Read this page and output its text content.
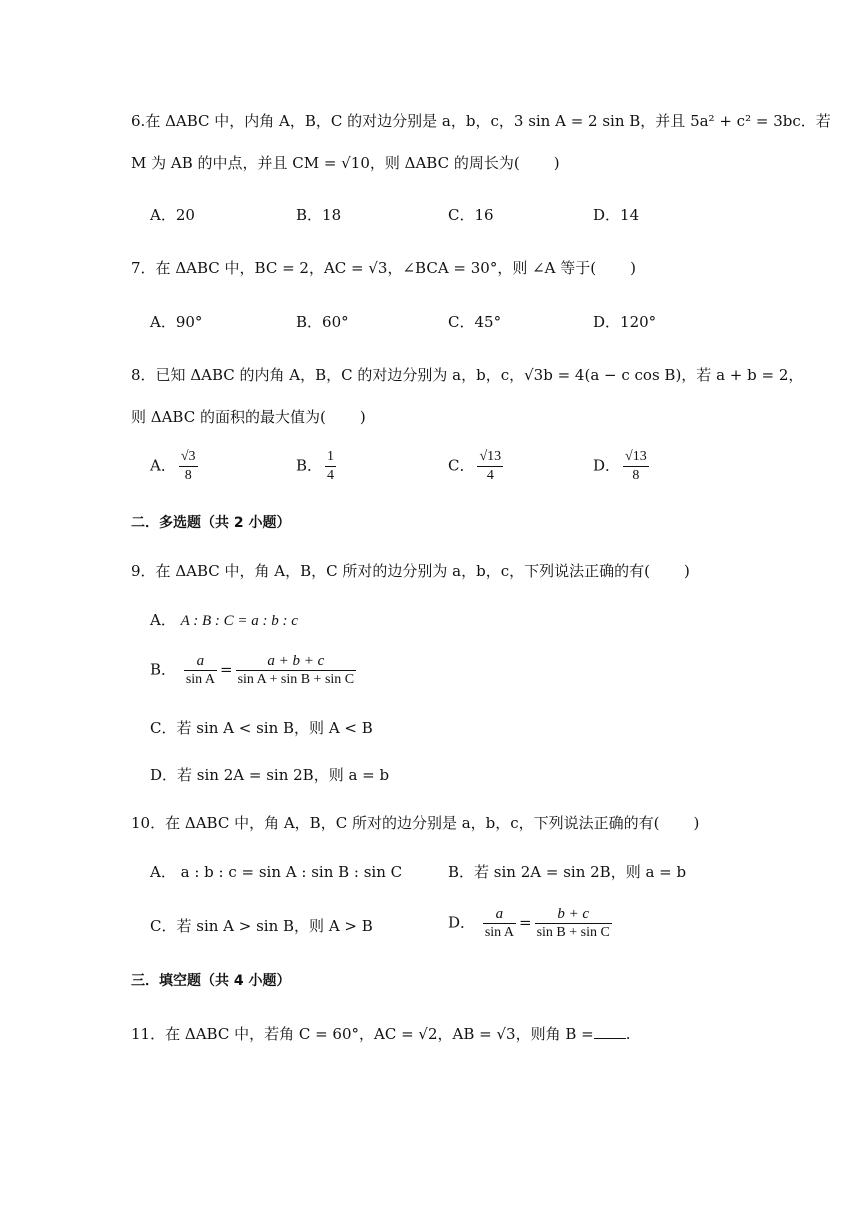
6.在 ΔABC 中，内角 A，B，C 的对边分别是 a，b，c，3 sin A = 2 sin B，并且 5a² + c² = 3bc．若
M 为 AB 的中点，并且 CM = √10，则 ΔABC 的周长为( )
A．20	B．18	C．16	D．14
7．在 ΔABC 中，BC = 2，AC = √3，∠BCA = 30°，则 ∠A 等于( )
A．90°	B．60°	C．45°	D．120°
8．已知 ΔABC 的内角 A，B，C 的对边分别为 a，b，c，√3b = 4(a − c cos B)，若 a + b = 2，
则 ΔABC 的面积的最大值为( )
A． $\frac{√3}{8}$	B． $\frac{1}{4}$	C． $\frac{√13}{4}$	D． $\frac{√13}{8}$
二．多选题（共 2 小题）
9．在 ΔABC 中，角 A，B，C 所对的边分别为 a，b，c，下列说法正确的有( )
A． A : B : C = a : b : c
B． $\frac{a}{\text{sin A}} = \frac{a + b + c}{\text{sin A + sin B + sin C}}$
C．若 sin A < sin B，则 A < B
D．若 sin 2A = sin 2B，则 a = b
10．在 ΔABC 中，角 A，B，C 所对的边分别是 a，b，c，下列说法正确的有( )
A． a : b : c = sin A : sin B : sin C	B．若 sin 2A = sin 2B，则 a = b
C．若 sin A > sin B，则 A > B	D． $\frac{a}{\text{sin A}} = \frac{b + c}{\text{sin B + sin C}}$
三．填空题（共 4 小题）
11．在 ΔABC 中，若角 C = 60°，AC = √2，AB = √3，则角 B = .
